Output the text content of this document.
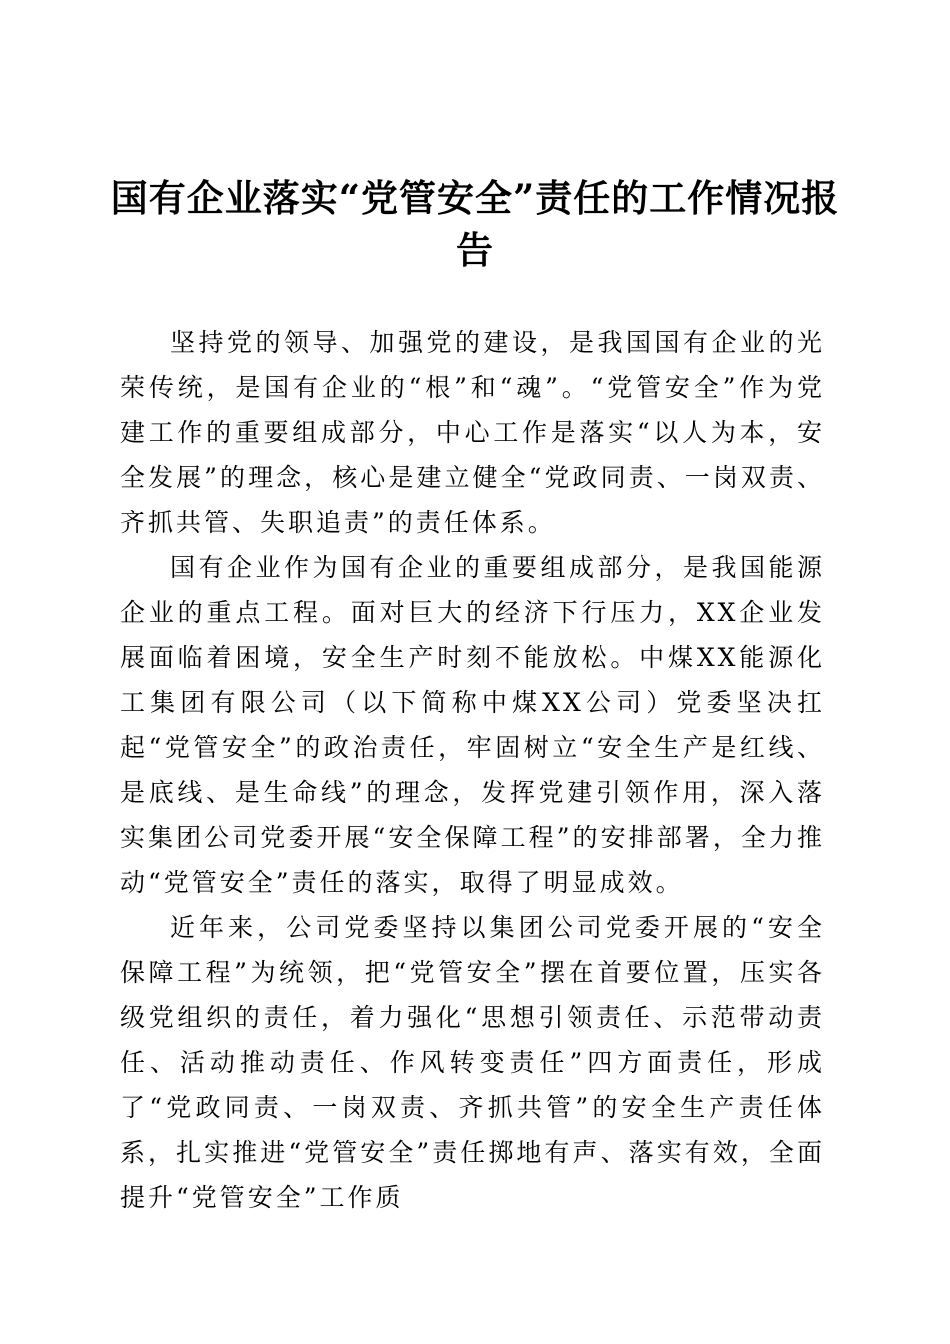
国有企业落实“党管安全”责任的工作情况报告

坚持党的领导、加强党的建设，是我国国有企业的光荣传统，是国有企业的“根”和“魂”。“党管安全”作为党建工作的重要组成部分，中心工作是落实“以人为本，安全发展”的理念，核心是建立健全“党政同责、一岗双责、齐抓共管、失职追责”的责任体系。

国有企业作为国有企业的重要组成部分，是我国能源企业的重点工程。面对巨大的经济下行压力，XX企业发展面临着困境，安全生产时刻不能放松。中煤XX能源化工集团有限公司（以下简称中煤XX公司）党委坚决扛起“党管安全”的政治责任，牢固树立“安全生产是红线、是底线、是生命线”的理念，发挥党建引领作用，深入落实集团公司党委开展“安全保障工程”的安排部署，全力推动“党管安全”责任的落实，取得了明显成效。

近年来，公司党委坚持以集团公司党委开展的“安全保障工程”为统领，把“党管安全”摆在首要位置，压实各级党组织的责任，着力强化“思想引领责任、示范带动责任、活动推动责任、作风转变责任”四方面责任，形成了“党政同责、一岗双责、齐抓共管”的安全生产责任体系，扎实推进“党管安全”责任掷地有声、落实有效，全面提升“党管安全”工作质
